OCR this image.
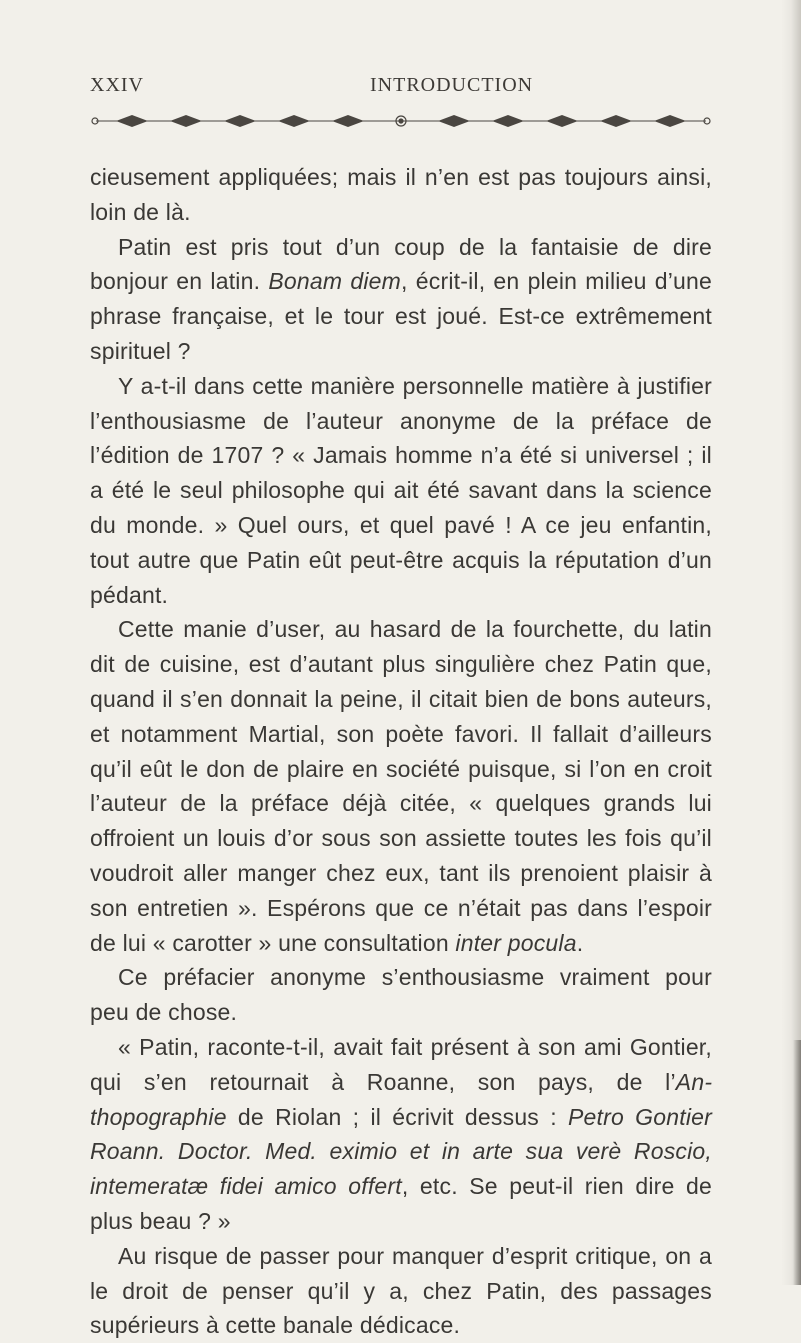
XXIV	INTRODUCTION

cieusement appliquées; mais il n’en est pas toujours ainsi, loin de là.

Patin est pris tout d’un coup de la fantaisie de dire bonjour en latin. Bonam diem, écrit-il, en plein milieu d’une phrase française, et le tour est joué. Est-ce extrêmement spirituel ?

Y a-t-il dans cette manière personnelle matière à justifier l’enthousiasme de l’auteur anonyme de la préface de l’édition de 1707 ? « Jamais homme n’a été si universel ; il a été le seul philosophe qui ait été savant dans la science du monde. » Quel ours, et quel pavé ! A ce jeu enfantin, tout autre que Patin eût peut-être acquis la réputation d’un pédant.

Cette manie d’user, au hasard de la fourchette, du latin dit de cuisine, est d’autant plus singulière chez Patin que, quand il s’en donnait la peine, il citait bien de bons auteurs, et notamment Martial, son poète favori. Il fallait d’ailleurs qu’il eût le don de plaire en société puisque, si l’on en croit l’auteur de la préface déjà citée, « quelques grands lui offroient un louis d’or sous son assiette toutes les fois qu’il voudroit aller manger chez eux, tant ils prenoient plaisir à son entretien ». Espérons que ce n’était pas dans l’espoir de lui « carotter » une consultation inter pocula.

Ce préfacier anonyme s’enthousiasme vraiment pour peu de chose.

« Patin, raconte-t-il, avait fait présent à son ami Gontier, qui s’en retournait à Roanne, son pays, de l’Anthopographie de Riolan ; il écrivit dessus : Petro Gontier Roann. Doctor. Med. eximio et in arte sua verè Roscio, intemeratæ fidei amico offert, etc. Se peut-il rien dire de plus beau ? »

Au risque de passer pour manquer d’esprit critique, on a le droit de penser qu’il y a, chez Patin, des passages supérieurs à cette banale dédicace.
